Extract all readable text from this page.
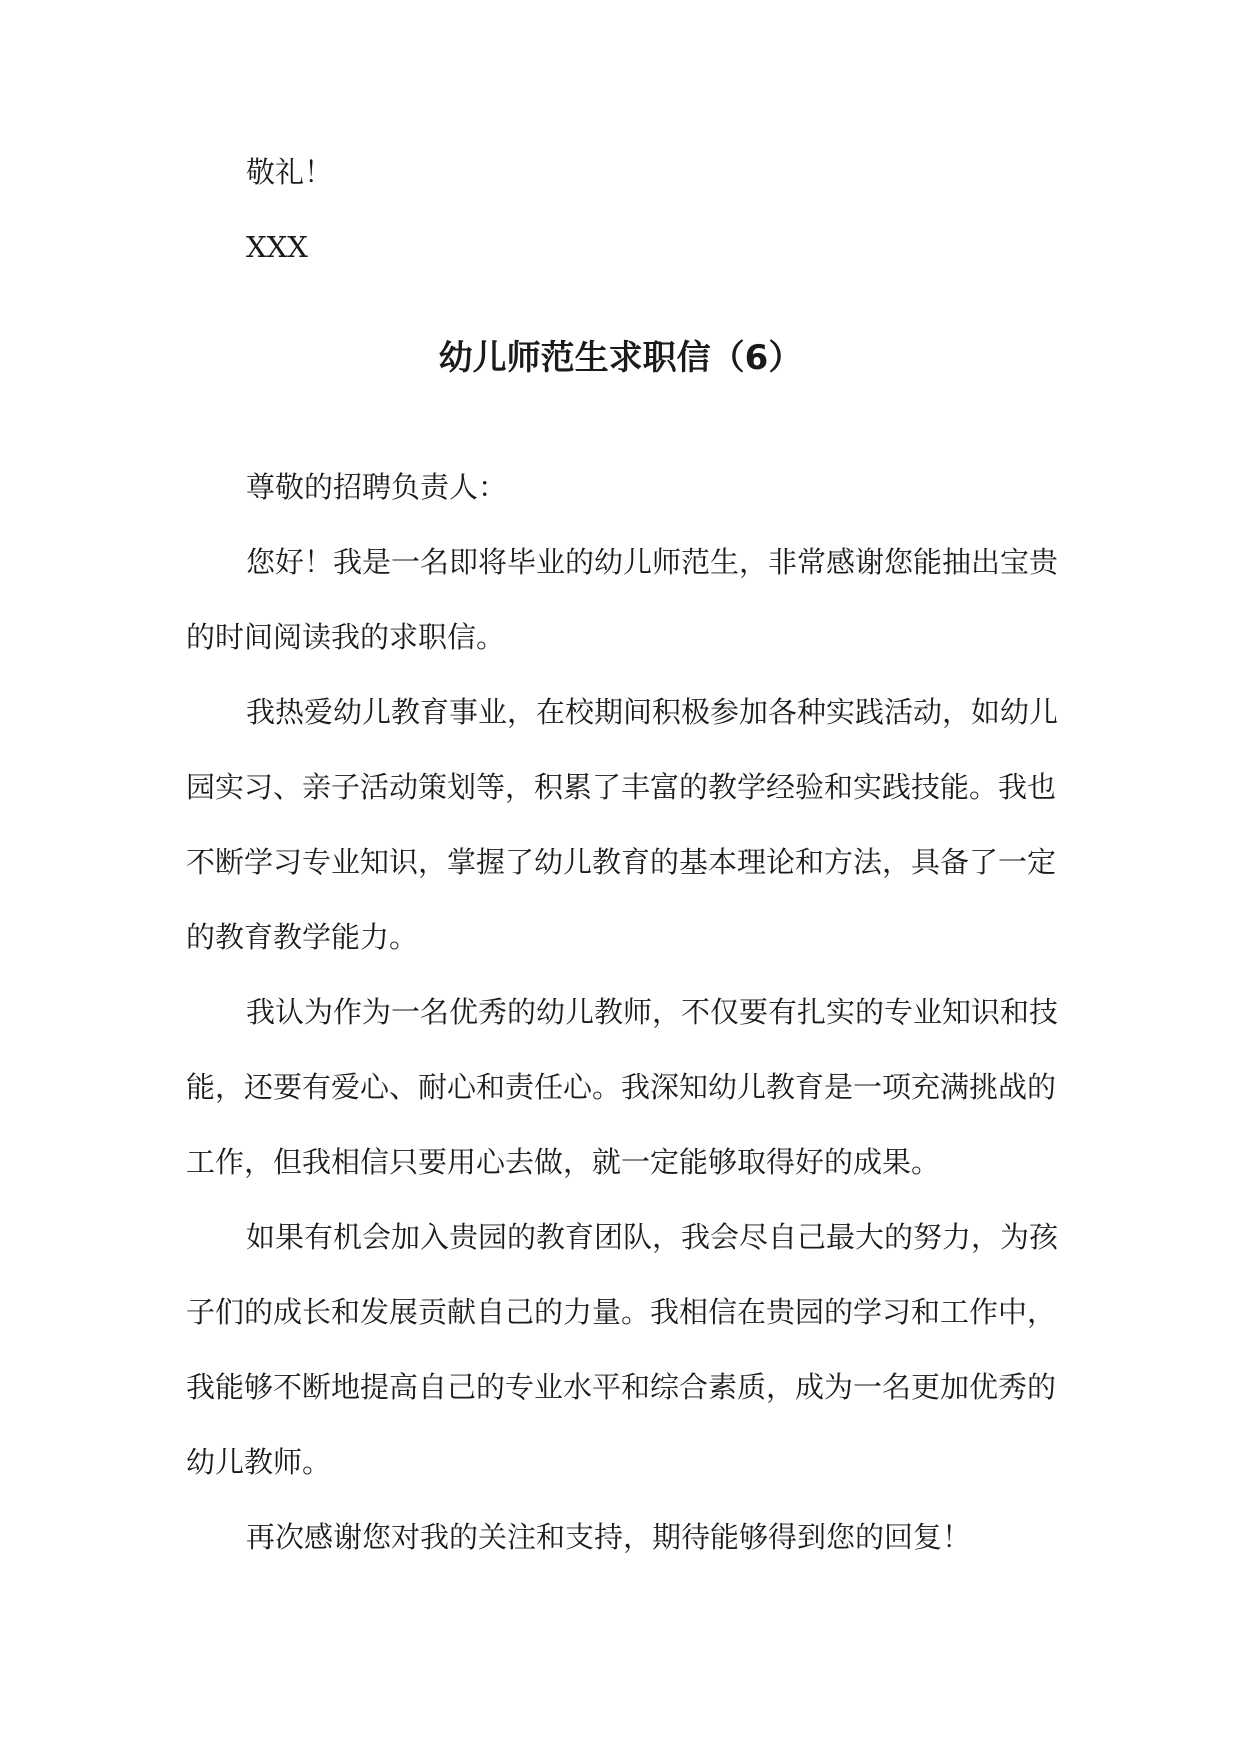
敬礼！
XXX
幼儿师范生求职信（6）
尊敬的招聘负责人：
您好！我是一名即将毕业的幼儿师范生，非常感谢您能抽出宝贵
的时间阅读我的求职信。
我热爱幼儿教育事业，在校期间积极参加各种实践活动，如幼儿
园实习、亲子活动策划等，积累了丰富的教学经验和实践技能。我也
不断学习专业知识，掌握了幼儿教育的基本理论和方法，具备了一定
的教育教学能力。
我认为作为一名优秀的幼儿教师，不仅要有扎实的专业知识和技
能，还要有爱心、耐心和责任心。我深知幼儿教育是一项充满挑战的
工作，但我相信只要用心去做，就一定能够取得好的成果。
如果有机会加入贵园的教育团队，我会尽自己最大的努力，为孩
子们的成长和发展贡献自己的力量。我相信在贵园的学习和工作中，
我能够不断地提高自己的专业水平和综合素质，成为一名更加优秀的
幼儿教师。
再次感谢您对我的关注和支持，期待能够得到您的回复！
